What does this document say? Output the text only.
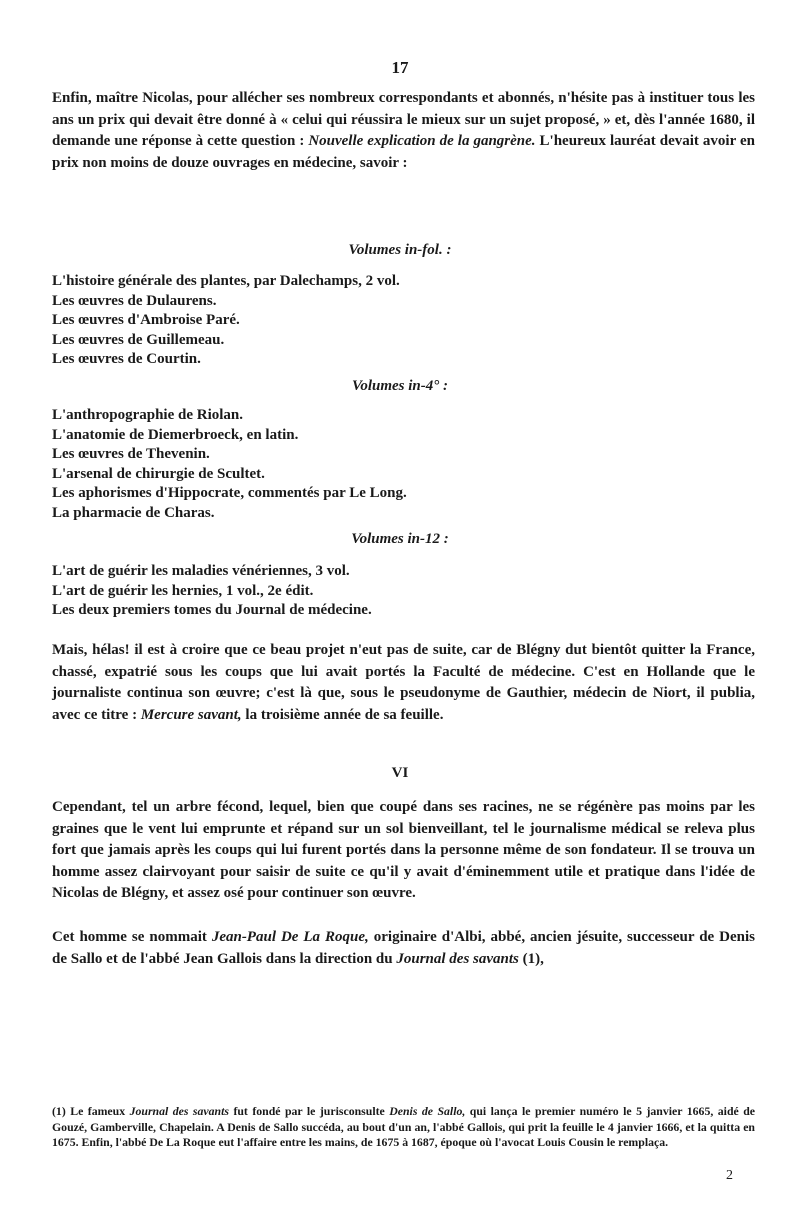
17
Enfin, maître Nicolas, pour allécher ses nombreux correspondants et abonnés, n'hésite pas à instituer tous les ans un prix qui devait être donné à « celui qui réussira le mieux sur un sujet proposé, » et, dès l'année 1680, il demande une réponse à cette question : Nouvelle explication de la gangrène. L'heureux lauréat devait avoir en prix non moins de douze ouvrages en médecine, savoir :
Volumes in-fol. :
L'histoire générale des plantes, par Dalechamps, 2 vol.
Les œuvres de Dulaurens.
Les œuvres d'Ambroise Paré.
Les œuvres de Guillemeau.
Les œuvres de Courtin.
Volumes in-4° :
L'anthropographie de Riolan.
L'anatomie de Diemerbroeck, en latin.
Les œuvres de Thevenin.
L'arsenal de chirurgie de Scultet.
Les aphorismes d'Hippocrate, commentés par Le Long.
La pharmacie de Charas.
Volumes in-12 :
L'art de guérir les maladies vénériennes, 3 vol.
L'art de guérir les hernies, 1 vol., 2e édit.
Les deux premiers tomes du Journal de médecine.
Mais, hélas! il est à croire que ce beau projet n'eut pas de suite, car de Blégny dut bientôt quitter la France, chassé, expatrié sous les coups que lui avait portés la Faculté de médecine. C'est en Hollande que le journaliste continua son œuvre; c'est là que, sous le pseudonyme de Gauthier, médecin de Niort, il publia, avec ce titre : Mercure savant, la troisième année de sa feuille.
VI
Cependant, tel un arbre fécond, lequel, bien que coupé dans ses racines, ne se régénère pas moins par les graines que le vent lui emprunte et répand sur un sol bienveillant, tel le journalisme médical se releva plus fort que jamais après les coups qui lui furent portés dans la personne même de son fondateur. Il se trouva un homme assez clairvoyant pour saisir de suite ce qu'il y avait d'éminemment utile et pratique dans l'idée de Nicolas de Blégny, et assez osé pour continuer son œuvre.
Cet homme se nommait Jean-Paul De La Roque, originaire d'Albi, abbé, ancien jésuite, successeur de Denis de Sallo et de l'abbé Jean Gallois dans la direction du Journal des savants (1),
(1) Le fameux Journal des savants fut fondé par le jurisconsulte Denis de Sallo, qui lança le premier numéro le 5 janvier 1665, aidé de Gouzé, Gamberville, Chapelain. A Denis de Sallo succéda, au bout d'un an, l'abbé Gallois, qui prit la feuille le 4 janvier 1666, et la quitta en 1675. Enfin, l'abbé De La Roque eut l'affaire entre les mains, de 1675 à 1687, époque où l'avocat Louis Cousin le remplaça.
2
